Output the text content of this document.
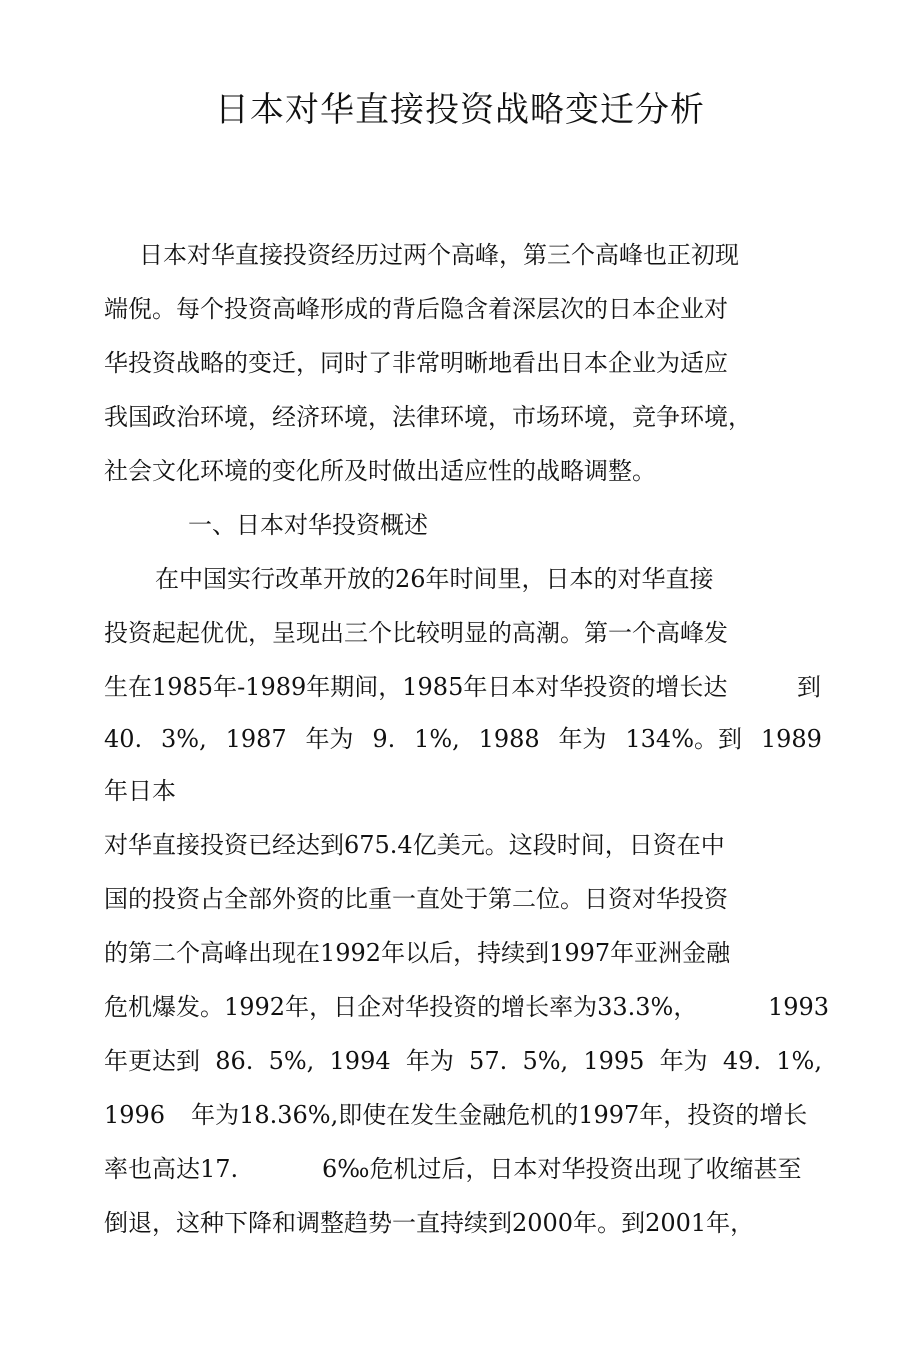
日本对华直接投资战略变迁分析
日本对华直接投资经历过两个高峰，第三个高峰也正初现
端倪。每个投资高峰形成的背后隐含着深层次的日本企业对
华投资战略的变迁，同时了非常明晰地看出日本企业为适应
我国政治环境，经济环境，法律环境，市场环境，竞争环境，
社会文化环境的变化所及时做出适应性的战略调整。
一、日本对华投资概述
在中国实行改革开放的26年时间里，日本的对华直接
投资起起优优，呈现出三个比较明显的高潮。第一个高峰发
生在1985年-1989年期间，1985年日本对华投资的增长达	到
40. 3%, 1987 年为 9. 1%, 1988 年为 134%。到 1989
年日本
对华直接投资已经达到675.4亿美元。这段时间，日资在中
国的投资占全部外资的比重一直处于第二位。日资对华投资
的第二个高峰出现在1992年以后，持续到1997年亚洲金融
危机爆发。1992年，日企对华投资的增长率为33.3%，	1993
年更达到 86. 5%, 1994 年为 57. 5%, 1995 年为 49. 1%,
1996 年为18.36%,即使在发生金融危机的1997年，投资的增长
率也高达17.	6‰危机过后，日本对华投资出现了收缩甚至
倒退，这种下降和调整趋势一直持续到2000年。到2001年，
